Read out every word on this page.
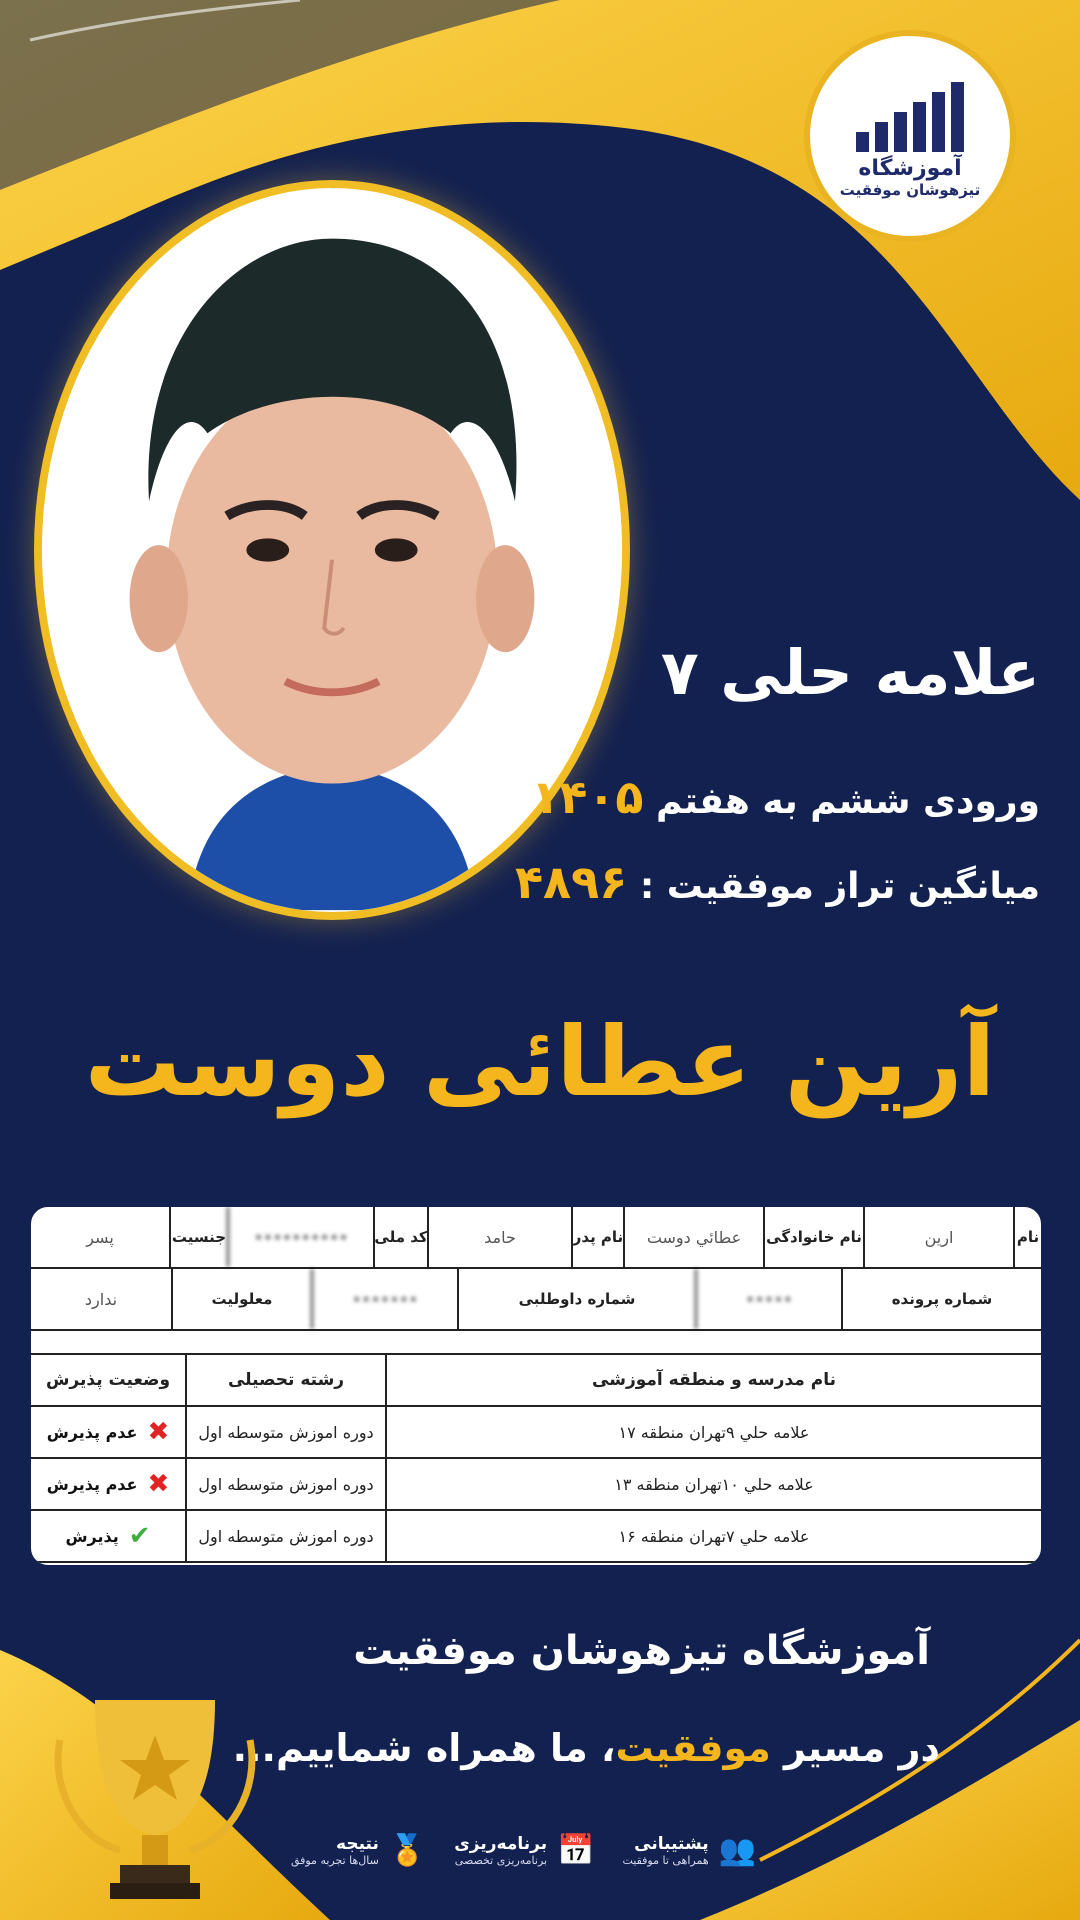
آموزشگاه
تیزهوشان موفقیت
علامه حلی ۷
ورودی ششم به هفتم ۱۴۰۵
میانگین تراز موفقیت : ۴۸۹۶
آرین عطائی دوست
نام
ارین
نام خانوادگی
عطائي دوست
نام پدر
حامد
کد ملی
••••••••••
جنسیت
پسر
شماره پرونده
•••••
شماره داوطلبی
•••••••
معلولیت
ندارد
نام مدرسه و منطقه آموزشی
رشته تحصیلی
وضعیت پذیرش
علامه حلي ۹تهران منطقه ۱۷
دوره اموزش متوسطه اول
✖
عدم پذیرش
علامه حلي ۱۰تهران منطقه ۱۳
دوره اموزش متوسطه اول
✖
عدم پذیرش
علامه حلي ۷تهران منطقه ۱۶
دوره اموزش متوسطه اول
✔
پذیرش
آموزشگاه تیزهوشان موفقیت
در مسیر موفقیت، ما همراه شماییم...
👥
پشتیبانی
همراهی تا موفقیت
📅
برنامه‌ریزی
برنامه‌ریزی تخصصی
🏅
نتیجه
سال‌ها تجربه موفق
